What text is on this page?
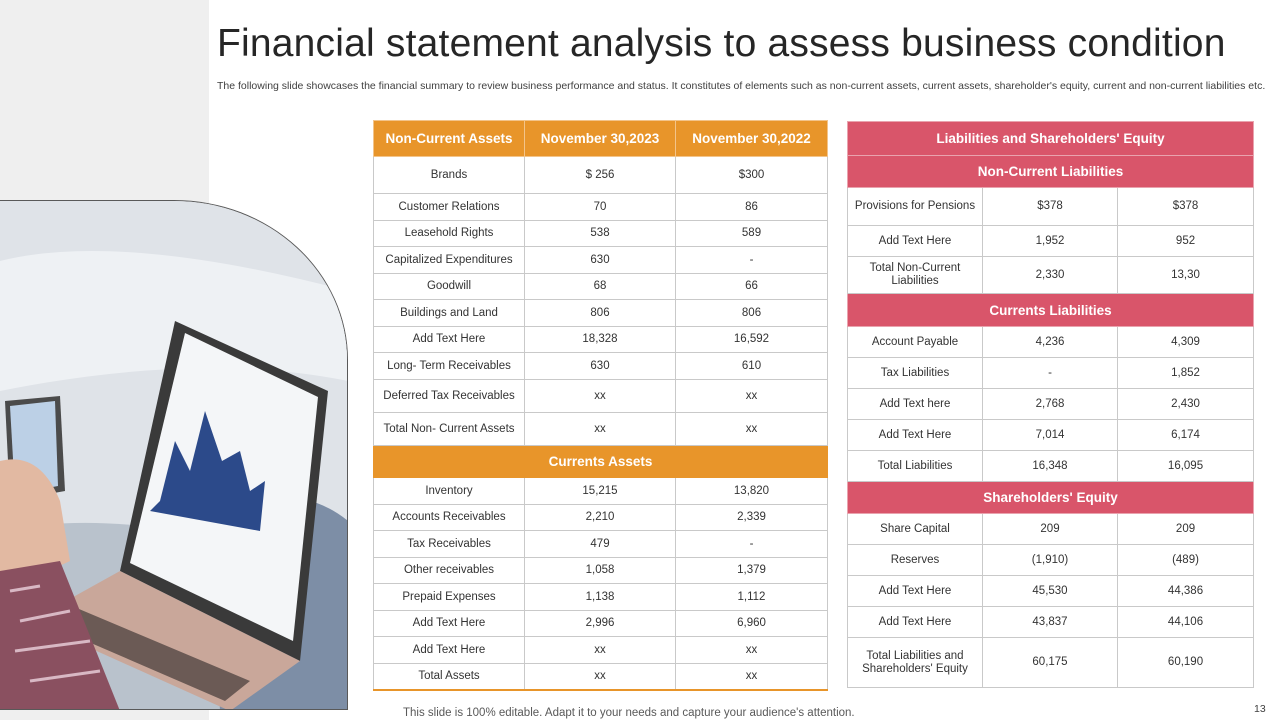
Financial statement analysis to assess business condition
The following slide showcases the financial summary to review business performance and status. It constitutes of elements such as non-current assets, current assets, shareholder's equity, current and non-current liabilities etc.
Non-Current Assets	November 30,2023	November 30,2022
Brands	$ 256	$300
Customer Relations	70	86
Leasehold Rights	538	589
Capitalized Expenditures	630	-
Goodwill	68	66
Buildings and Land	806	806
Add Text Here	18,328	16,592
Long- Term Receivables	630	610
Deferred Tax Receivables	xx	xx
Total Non- Current Assets	xx	xx
Currents Assets		
Inventory	15,215	13,820
Accounts Receivables	2,210	2,339
Tax Receivables	479	-
Other receivables	1,058	1,379
Prepaid Expenses	1,138	1,112
Add Text Here	2,996	6,960
Add Text Here	xx	xx
Total Assets	xx	xx
Liabilities and Shareholders' Equity		
Non-Current Liabilities		
Provisions for Pensions	$378	$378
Add Text Here	1,952	952
Total Non-Current Liabilities	2,330	13,30
Currents Liabilities		
Account Payable	4,236	4,309
Tax Liabilities	-	1,852
Add Text here	2,768	2,430
Add Text Here	7,014	6,174
Total Liabilities	16,348	16,095
Shareholders' Equity		
Share Capital	209	209
Reserves	(1,910)	(489)
Add Text Here	45,530	44,386
Add Text Here	43,837	44,106
Total Liabilities and Shareholders' Equity	60,175	60,190
This slide is 100% editable. Adapt it to your needs and capture your audience's attention.	13
